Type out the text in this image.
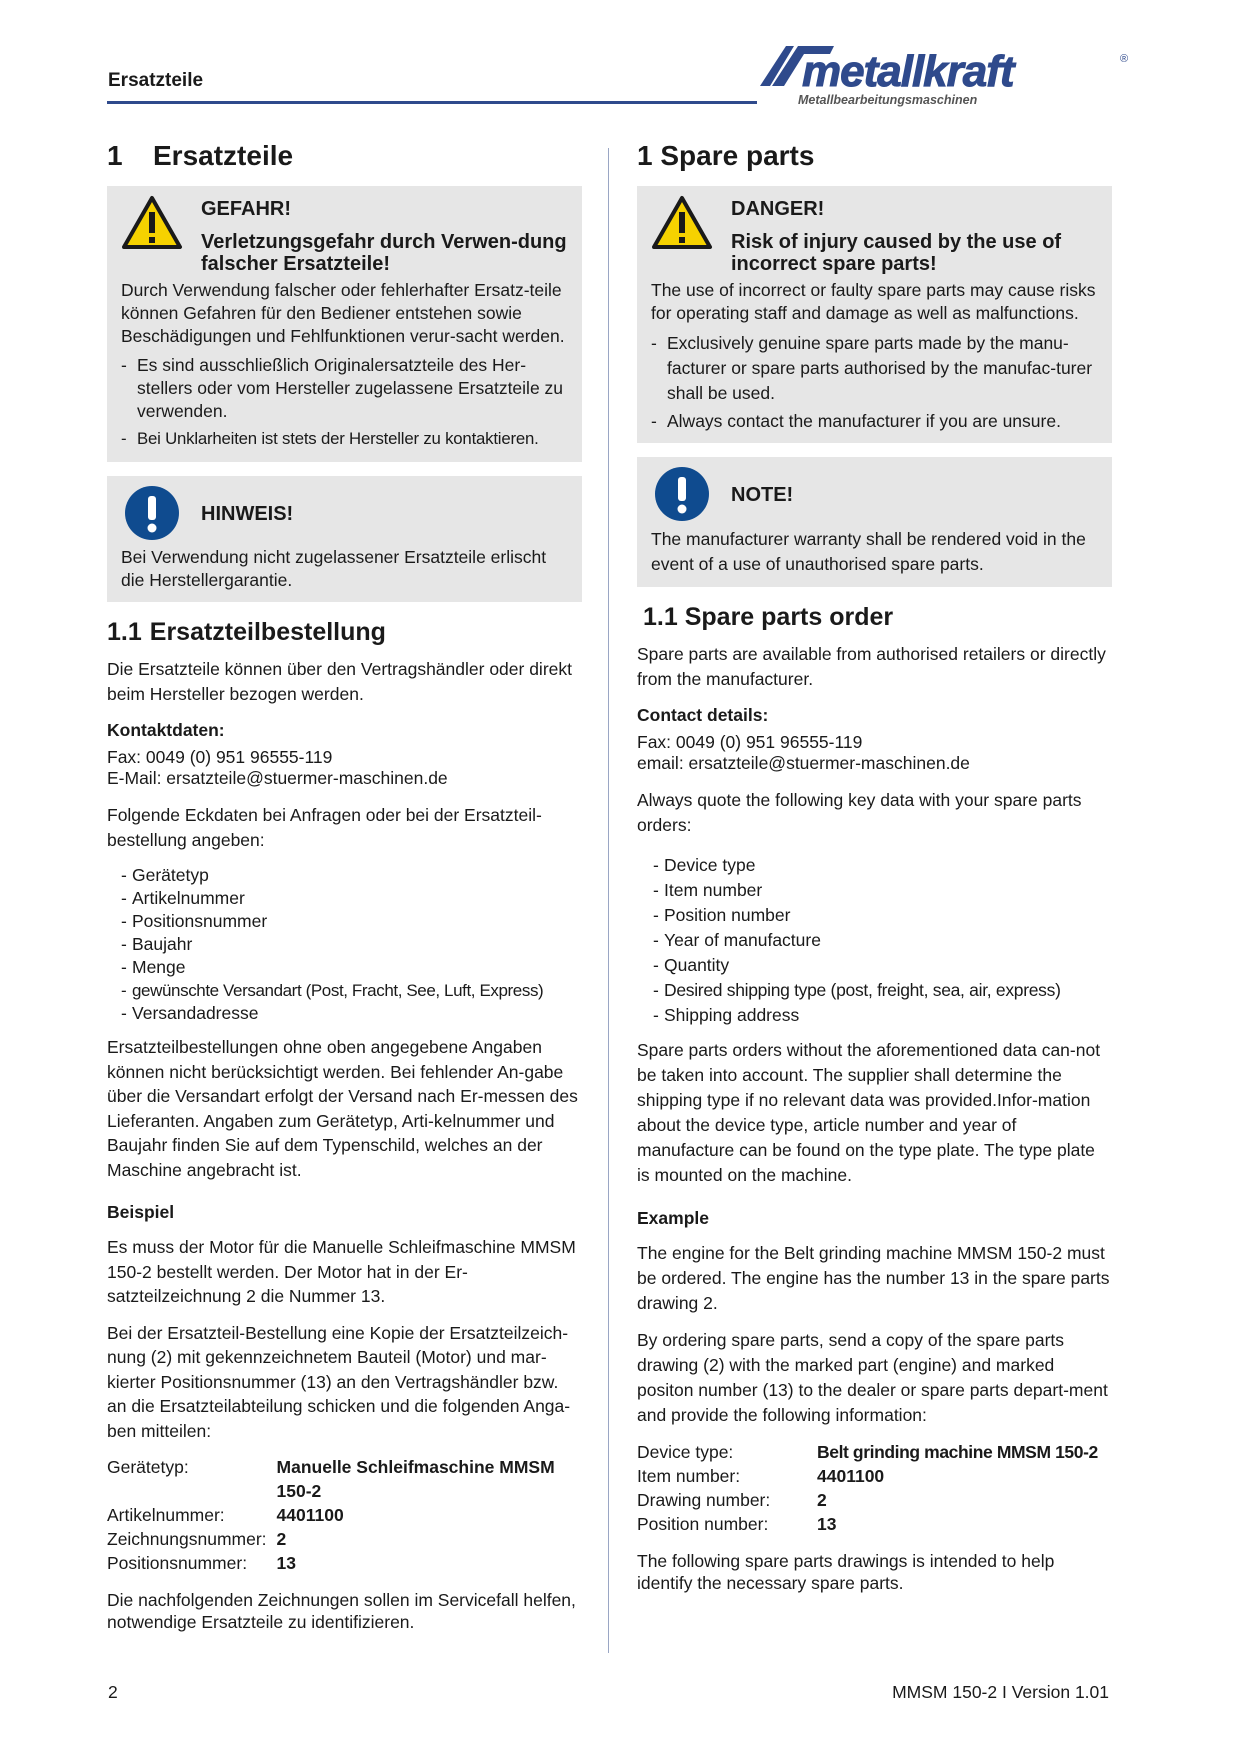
Ersatzteile	metallkraft	®
Metallbearbeitungsmaschinen
1 Ersatzteile
GEFAHR!
Verletzungsgefahr durch Verwen-dung falscher Ersatzteile!
Durch Verwendung falscher oder fehlerhafter Ersatz-teile können Gefahren für den Bediener entstehen sowie Beschädigungen und Fehlfunktionen verur-sacht werden.
- Es sind ausschließlich Originalersatzteile des Her-stellers oder vom Hersteller zugelassene Ersatzteile zu verwenden.
- Bei Unklarheiten ist stets der Hersteller zu kontaktieren.
HINWEIS!
Bei Verwendung nicht zugelassener Ersatzteile erlischt die Herstellergarantie.
1.1 Ersatzteilbestellung

Die Ersatzteile können über den Vertragshändler oder direkt beim Hersteller bezogen werden.

Kontaktdaten:
Fax: 0049 (0) 951 96555-119
E-Mail: ersatzteile@stuermer-maschinen.de

Folgende Eckdaten bei Anfragen oder bei der Ersatzteil-bestellung angeben:

- Gerätetyp
- Artikelnummer
- Positionsnummer
- Baujahr
- Menge
- gewünschte Versandart (Post, Fracht, See, Luft, Express)
- Versandadresse

Ersatzteilbestellungen ohne oben angegebene Angaben können nicht berücksichtigt werden. Bei fehlender An-gabe über die Versandart erfolgt der Versand nach Er-messen des Lieferanten. Angaben zum Gerätetyp, Arti-kelnummer und Baujahr finden Sie auf dem Typenschild, welches an der Maschine angebracht ist.

Beispiel

Es muss der Motor für die Manuelle Schleifmaschine MMSM 150-2 bestellt werden. Der Motor hat in der Er-satzteilzeichnung 2 die Nummer 13.

Bei der Ersatzteil-Bestellung eine Kopie der Ersatzteilzeich-nung (2) mit gekennzeichnetem Bauteil (Motor) und mar-kierter Positionsnummer (13) an den Vertragshändler bzw. an die Ersatzteilabteilung schicken und die folgenden Anga-ben mitteilen:

Gerätetyp:	Manuelle Schleifmaschine MMSM 150-2
Artikelnummer:	4401100
Zeichnungsnummer:	2
Positionsnummer:	13

Die nachfolgenden Zeichnungen sollen im Servicefall helfen, notwendige Ersatzteile zu identifizieren.

1 Spare parts
DANGER!
Risk of injury caused by the use of incorrect spare parts!
The use of incorrect or faulty spare parts may cause risks for operating staff and damage as well as malfunctions.
- Exclusively genuine spare parts made by the manu-facturer or spare parts authorised by the manufac-turer shall be used.
- Always contact the manufacturer if you are unsure.
NOTE!
The manufacturer warranty shall be rendered void in the event of a use of unauthorised spare parts.
1.1 Spare parts order

Spare parts are available from authorised retailers or directly from the manufacturer.

Contact details:
Fax: 0049 (0) 951 96555-119
email: ersatzteile@stuermer-maschinen.de

Always quote the following key data with your spare parts orders:

- Device type
- Item number
- Position number
- Year of manufacture
- Quantity
- Desired shipping type (post, freight, sea, air, express)
- Shipping address

Spare parts orders without the aforementioned data can-not be taken into account. The supplier shall determine the shipping type if no relevant data was provided.Infor-mation about the device type, article number and year of manufacture can be found on the type plate. The type plate is mounted on the machine.

Example

The engine for the Belt grinding machine MMSM 150-2 must be ordered. The engine has the number 13 in the spare parts drawing 2.

By ordering spare parts, send a copy of the spare parts drawing (2) with the marked part (engine) and marked positon number (13) to the dealer or spare parts depart-ment and provide the following information:

Device type:	Belt grinding machine MMSM 150-2
Item number:	4401100
Drawing number:	2
Position number:	13

The following spare parts drawings is intended to help identify the necessary spare parts.

2	MMSM 150-2 I Version 1.01
